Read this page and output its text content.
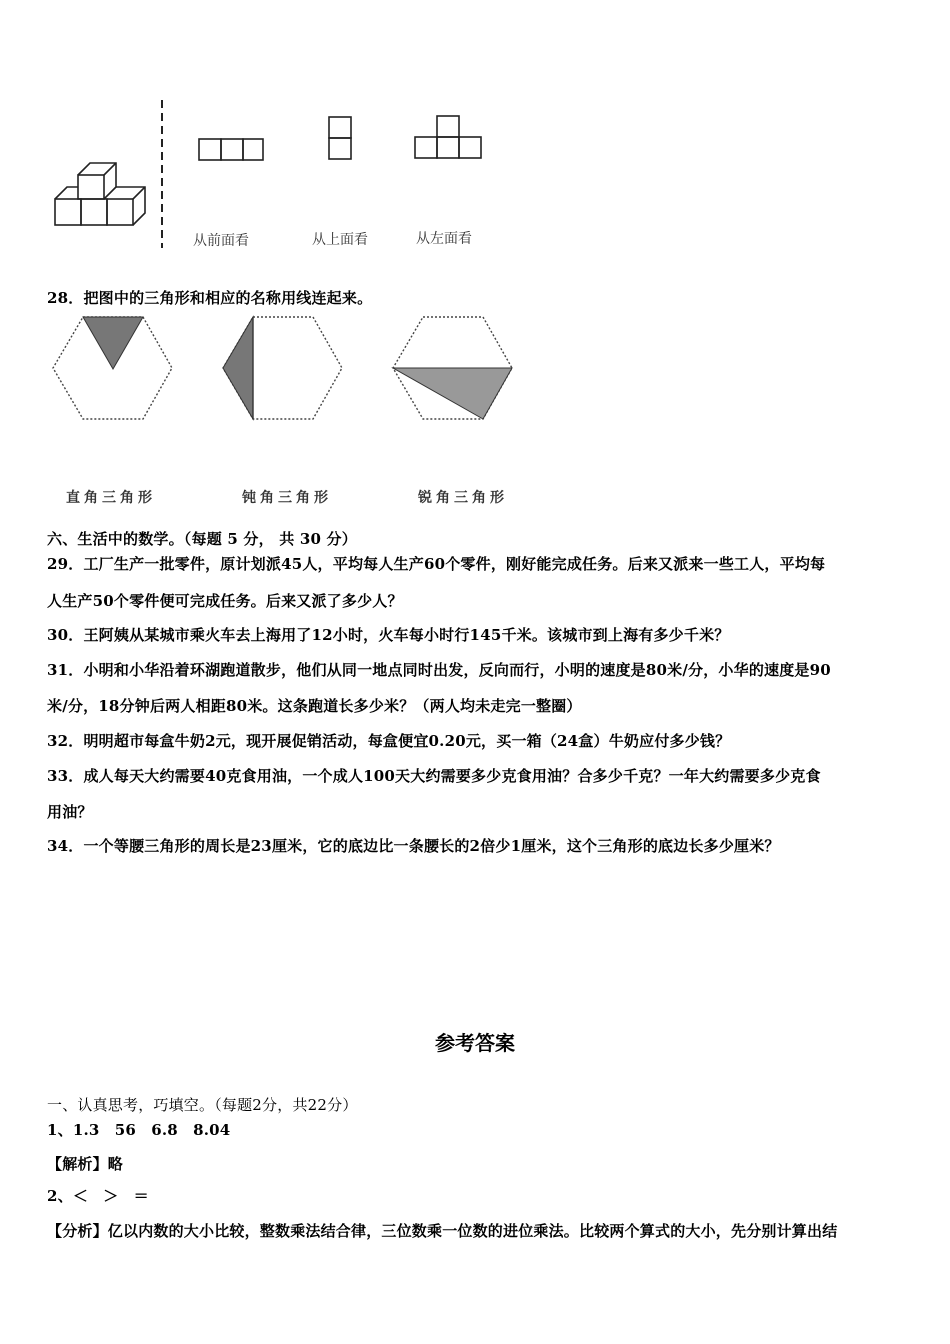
从前面看	从上面看	从左面看
28．把图中的三角形和相应的名称用线连起来。
直角三角形	钝角三角形	锐角三角形
六、生活中的数学。（每题 5 分， 共 30 分）
29．工厂生产一批零件，原计划派45人，平均每人生产60个零件，刚好能完成任务。后来又派来一些工人，平均每
人生产50个零件便可完成任务。后来又派了多少人？
30．王阿姨从某城市乘火车去上海用了12小时，火车每小时行145千米。该城市到上海有多少千米？
31．小明和小华沿着环湖跑道散步，他们从同一地点同时出发，反向而行，小明的速度是80米/分，小华的速度是90
米/分，18分钟后两人相距80米。这条跑道长多少米？（两人均未走完一整圈）
32．明明超市每盒牛奶2元，现开展促销活动，每盒便宜0.20元，买一箱（24盒）牛奶应付多少钱？
33．成人每天大约需要40克食用油，一个成人100天大约需要多少克食用油？合多少千克？一年大约需要多少克食
用油？
34．一个等腰三角形的周长是23厘米，它的底边比一条腰长的2倍少1厘米，这个三角形的底边长多少厘米？
参考答案
一、认真思考，巧填空。（每题2分，共22分）
1、1.3　56　6.8　8.04
【解析】略
2、＜　＞　＝
【分析】亿以内数的大小比较，整数乘法结合律，三位数乘一位数的进位乘法。比较两个算式的大小，先分别计算出结
